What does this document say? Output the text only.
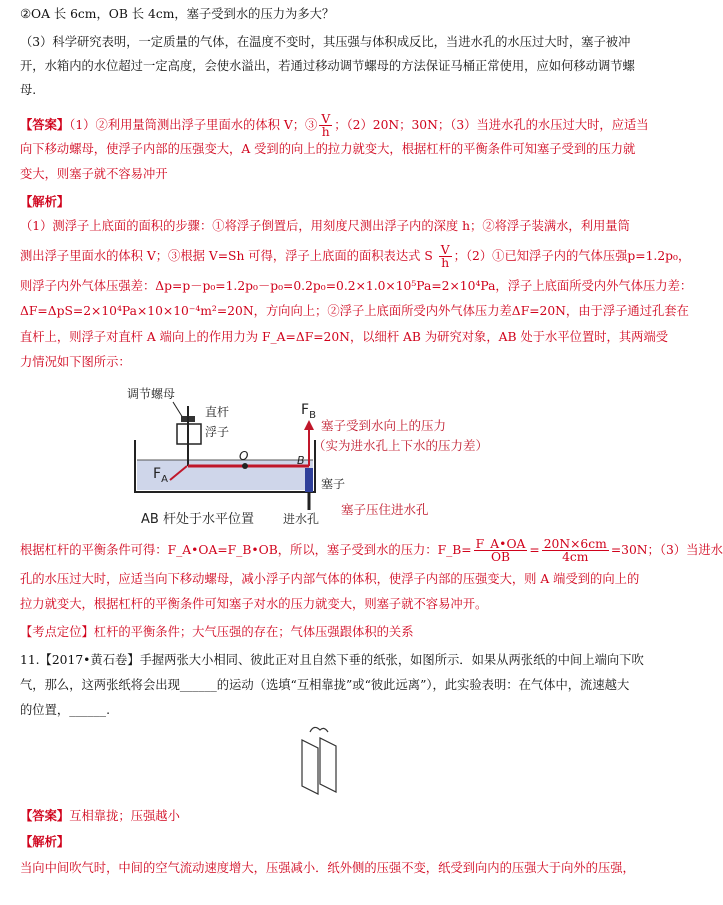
②OA 长 6cm，OB 长 4cm，塞子受到水的压力为多大？
（3）科学研究表明，一定质量的气体，在温度不变时，其压强与体积成反比，当进水孔的水压过大时，塞子被冲
开，水箱内的水位超过一定高度，会使水溢出，若通过移动调节螺母的方法保证马桶正常使用，应如何移动调节螺
母.
【答案】（1）②利用量筒测出浮子里面水的体积 V；③ $\frac{V}{h}$ ；（2）20N；30N；（3）当进水孔的水压过大时，应适当
向下移动螺母，使浮子内部的压强变大，A 受到的向上的拉力就变大，根据杠杆的平衡条件可知塞子受到的压力就
变大，则塞子就不容易冲开
【解析】
（1）测浮子上底面的面积的步骤：①将浮子倒置后，用刻度尺测出浮子内的深度 h；②将浮子装满水，利用量筒
测出浮子里面水的体积 V；③根据 V=Sh 可得，浮子上底面的面积表达式 S $\frac{V}{h}$ ；（2）①已知浮子内的气体压强p=1.2p₀，
则浮子内外气体压强差：Δp=p－p₀=1.2p₀－p₀=0.2p₀=0.2×1.0×10⁵Pa=2×10⁴Pa，浮子上底面所受内外气体压力差：
ΔF=ΔpS=2×10⁴Pa×10×10⁻⁴m²=20N，方向向上；②浮子上底面所受内外气体压力差ΔF=20N，由于浮子通过孔套在
直杆上，则浮子对直杆 A 端向上的作用力为 F_A=ΔF=20N，以细杆 AB 为研究对象，AB 处于水平位置时，其两端受
力情况如下图所示：
调节螺母
直杆
浮子
O
$F_A$
$F_B$
B
塞子
进水孔
塞子受到水向上的压力
（实为进水孔上下水的压力差）
塞子压住进水孔
AB 杆处于水平位置
根据杠杆的平衡条件可得：F_A•OA=F_B•OB，所以，塞子受到水的压力：F_B= $\frac{F\_A•OA}{OB} = \frac{20N\times 6cm}{4cm} =30N$；（3）当进水
孔的水压过大时，应适当向下移动螺母，减小浮子内部气体的体积，使浮子内部的压强变大，则 A 端受到的向上的
拉力就变大，根据杠杆的平衡条件可知塞子对水的压力就变大，则塞子就不容易冲开。
【考点定位】杠杆的平衡条件；大气压强的存在；气体压强跟体积的关系
11.【2017•黄石卷】手握两张大小相同、彼此正对且自然下垂的纸张，如图所示．如果从两张纸的中间上端向下吹
气，那么，这两张纸将会出现______的运动（选填“互相靠拢”或“彼此远离”），此实验表明：在气体中，流速越大
的位置，______.
【答案】互相靠拢；压强越小
【解析】
当向中间吹气时，中间的空气流动速度增大，压强减小．纸外侧的压强不变，纸受到向内的压强大于向外的压强，
